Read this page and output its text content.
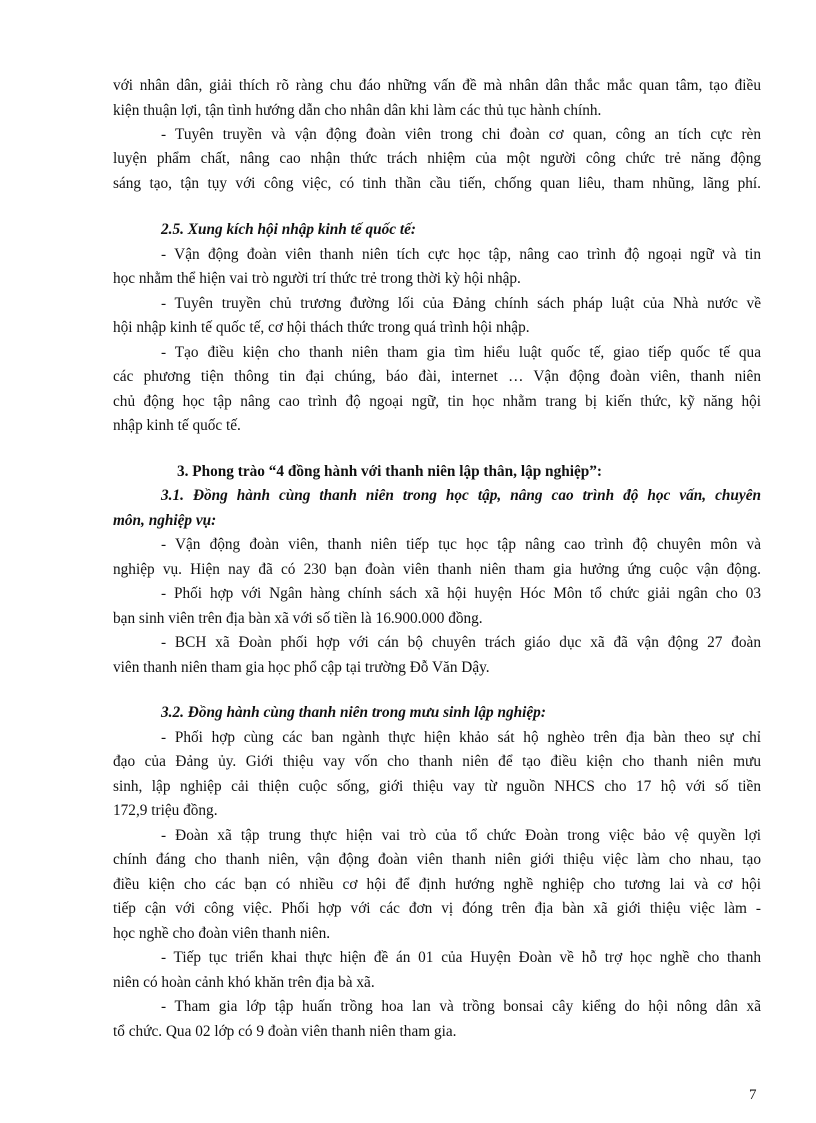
với nhân dân, giải thích rõ ràng chu đáo những vấn đề mà nhân dân thắc mắc quan tâm, tạo điều
kiện thuận lợi, tận tình hướng dẫn cho nhân dân khi làm các thủ tục hành chính.
- Tuyên truyền và vận động đoàn viên trong chi đoàn cơ quan, công an tích cực rèn
luyện phẩm chất, nâng cao nhận thức trách nhiệm của một người công chức trẻ năng động
sáng tạo, tận tụy với công việc, có tinh thần cầu tiến, chống quan liêu, tham nhũng, lãng phí.
2.5. Xung kích hội nhập kinh tế quốc tế:
- Vận động đoàn viên thanh niên tích cực học tập, nâng cao trình độ ngoại ngữ và tin
học nhằm thể hiện vai trò người trí thức trẻ trong thời kỳ hội nhập.
- Tuyên truyền chủ trương đường lối của Đảng chính sách pháp luật của Nhà nước về
hội nhập kinh tế quốc tế, cơ hội thách thức trong quá trình hội nhập.
- Tạo điều kiện cho thanh niên tham gia tìm hiểu luật quốc tế, giao tiếp quốc tế qua
các phương tiện thông tin đại chúng, báo đài, internet … Vận động đoàn viên, thanh niên
chủ động học tập nâng cao trình độ ngoại ngữ, tin học nhằm trang bị kiến thức, kỹ năng hội
nhập kinh tế quốc tế.
3. Phong trào “4 đồng hành với thanh niên lập thân, lập nghiệp”:
3.1. Đồng hành cùng thanh niên trong học tập, nâng cao trình độ học vấn, chuyên
môn, nghiệp vụ:
- Vận động đoàn viên, thanh niên tiếp tục học tập nâng cao trình độ chuyên môn và
nghiệp vụ. Hiện nay đã có 230 bạn đoàn viên thanh niên tham gia hưởng ứng cuộc vận động.
- Phối hợp với Ngân hàng chính sách xã hội huyện Hóc Môn tổ chức giải ngân cho 03
bạn sinh viên trên địa bàn xã với số tiền là 16.900.000 đồng.
- BCH xã Đoàn phối hợp với cán bộ chuyên trách giáo dục xã đã vận động 27 đoàn
viên thanh niên tham gia học phổ cập tại trường Đỗ Văn Dậy.
3.2. Đồng hành cùng thanh niên trong mưu sinh lập nghiệp:
- Phối hợp cùng các ban ngành thực hiện khảo sát hộ nghèo trên địa bàn theo sự chỉ
đạo của Đảng ủy. Giới thiệu vay vốn cho thanh niên để tạo điều kiện cho thanh niên mưu
sinh, lập nghiệp cải thiện cuộc sống, giới thiệu vay từ nguồn NHCS cho 17 hộ với số tiền
172,9 triệu đồng.
- Đoàn xã tập trung thực hiện vai trò của tổ chức Đoàn trong việc bảo vệ quyền lợi
chính đáng cho thanh niên, vận động đoàn viên thanh niên giới thiệu việc làm cho nhau, tạo
điều kiện cho các bạn có nhiều cơ hội để định hướng nghề nghiệp cho tương lai và cơ hội
tiếp cận với công việc. Phối hợp với các đơn vị đóng trên địa bàn xã giới thiệu việc làm -
học nghề cho đoàn viên thanh niên.
- Tiếp tục triển khai thực hiện đề án 01 của Huyện Đoàn về hỗ trợ học nghề cho thanh
niên có hoàn cảnh khó khăn trên địa bà xã.
- Tham gia lớp tập huấn trồng hoa lan và trồng bonsai cây kiểng do hội nông dân xã
tổ chức. Qua 02 lớp có 9 đoàn viên thanh niên tham gia.
7
